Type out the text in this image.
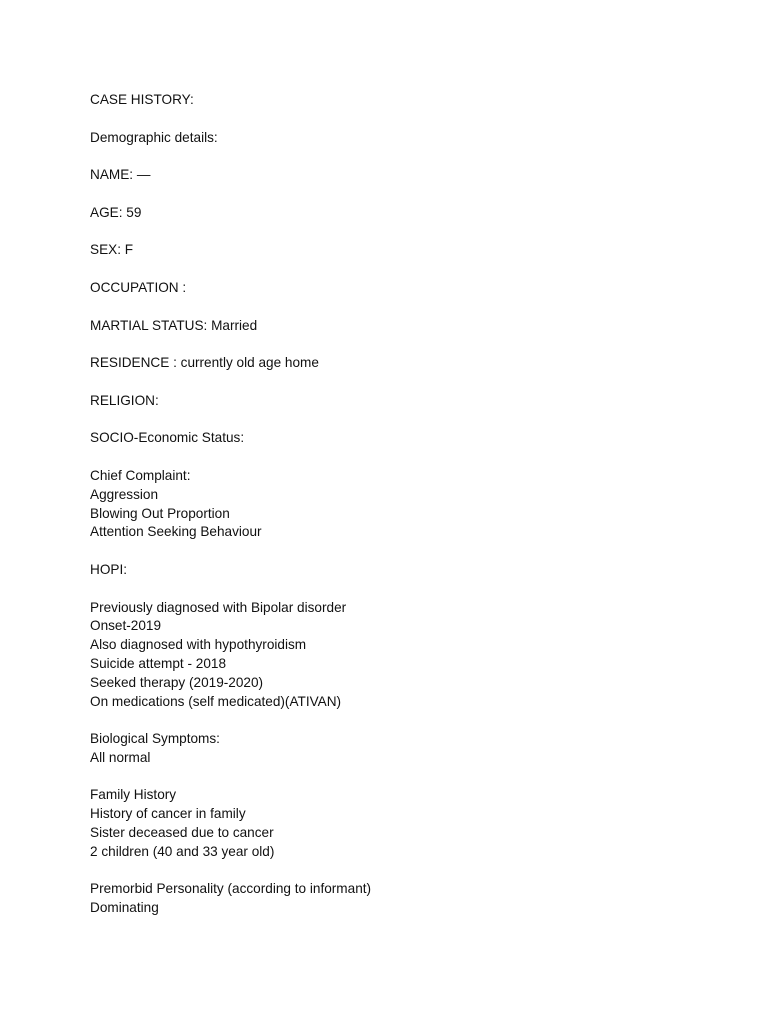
CASE HISTORY:
Demographic details:
NAME: —
AGE: 59
SEX: F
OCCUPATION :
MARTIAL STATUS: Married
RESIDENCE : currently old age home
RELIGION:
SOCIO-Economic Status:
Chief Complaint:
Aggression
Blowing Out Proportion
Attention Seeking Behaviour
HOPI:
Previously diagnosed with Bipolar disorder
Onset-2019
Also diagnosed with hypothyroidism
Suicide attempt - 2018
Seeked therapy (2019-2020)
On medications (self medicated)(ATIVAN)
Biological Symptoms:
All normal
Family History
History of cancer in family
Sister deceased due to cancer
2 children (40 and 33 year old)
Premorbid Personality (according to informant)
Dominating
